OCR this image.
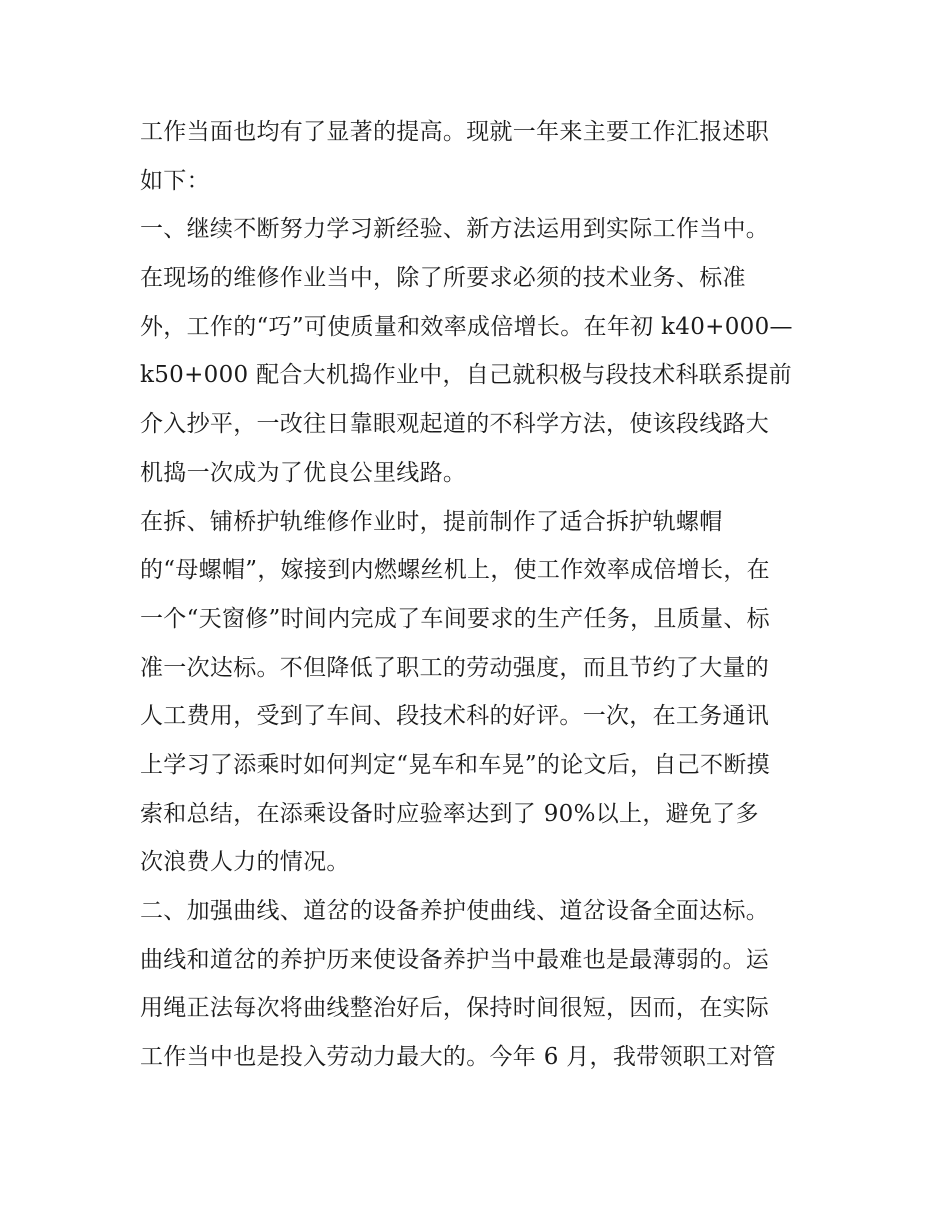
工作当面也均有了显著的提高。现就一年来主要工作汇报述职

如下：

一、继续不断努力学习新经验、新方法运用到实际工作当中。

在现场的维修作业当中，除了所要求必须的技术业务、标准

外，工作的“巧”可使质量和效率成倍增长。在年初 k40+000—

k50+000 配合大机捣作业中，自己就积极与段技术科联系提前

介入抄平，一改往日靠眼观起道的不科学方法，使该段线路大

机捣一次成为了优良公里线路。

在拆、铺桥护轨维修作业时，提前制作了适合拆护轨螺帽

的“母螺帽”，嫁接到内燃螺丝机上，使工作效率成倍增长，在

一个“天窗修”时间内完成了车间要求的生产任务，且质量、标

准一次达标。不但降低了职工的劳动强度，而且节约了大量的

人工费用，受到了车间、段技术科的好评。一次，在工务通讯

上学习了添乘时如何判定“晃车和车晃”的论文后，自己不断摸

索和总结，在添乘设备时应验率达到了 90%以上，避免了多

次浪费人力的情况。

二、加强曲线、道岔的设备养护使曲线、道岔设备全面达标。

曲线和道岔的养护历来使设备养护当中最难也是最薄弱的。运

用绳正法每次将曲线整治好后，保持时间很短，因而，在实际

工作当中也是投入劳动力最大的。今年 6 月，我带领职工对管
